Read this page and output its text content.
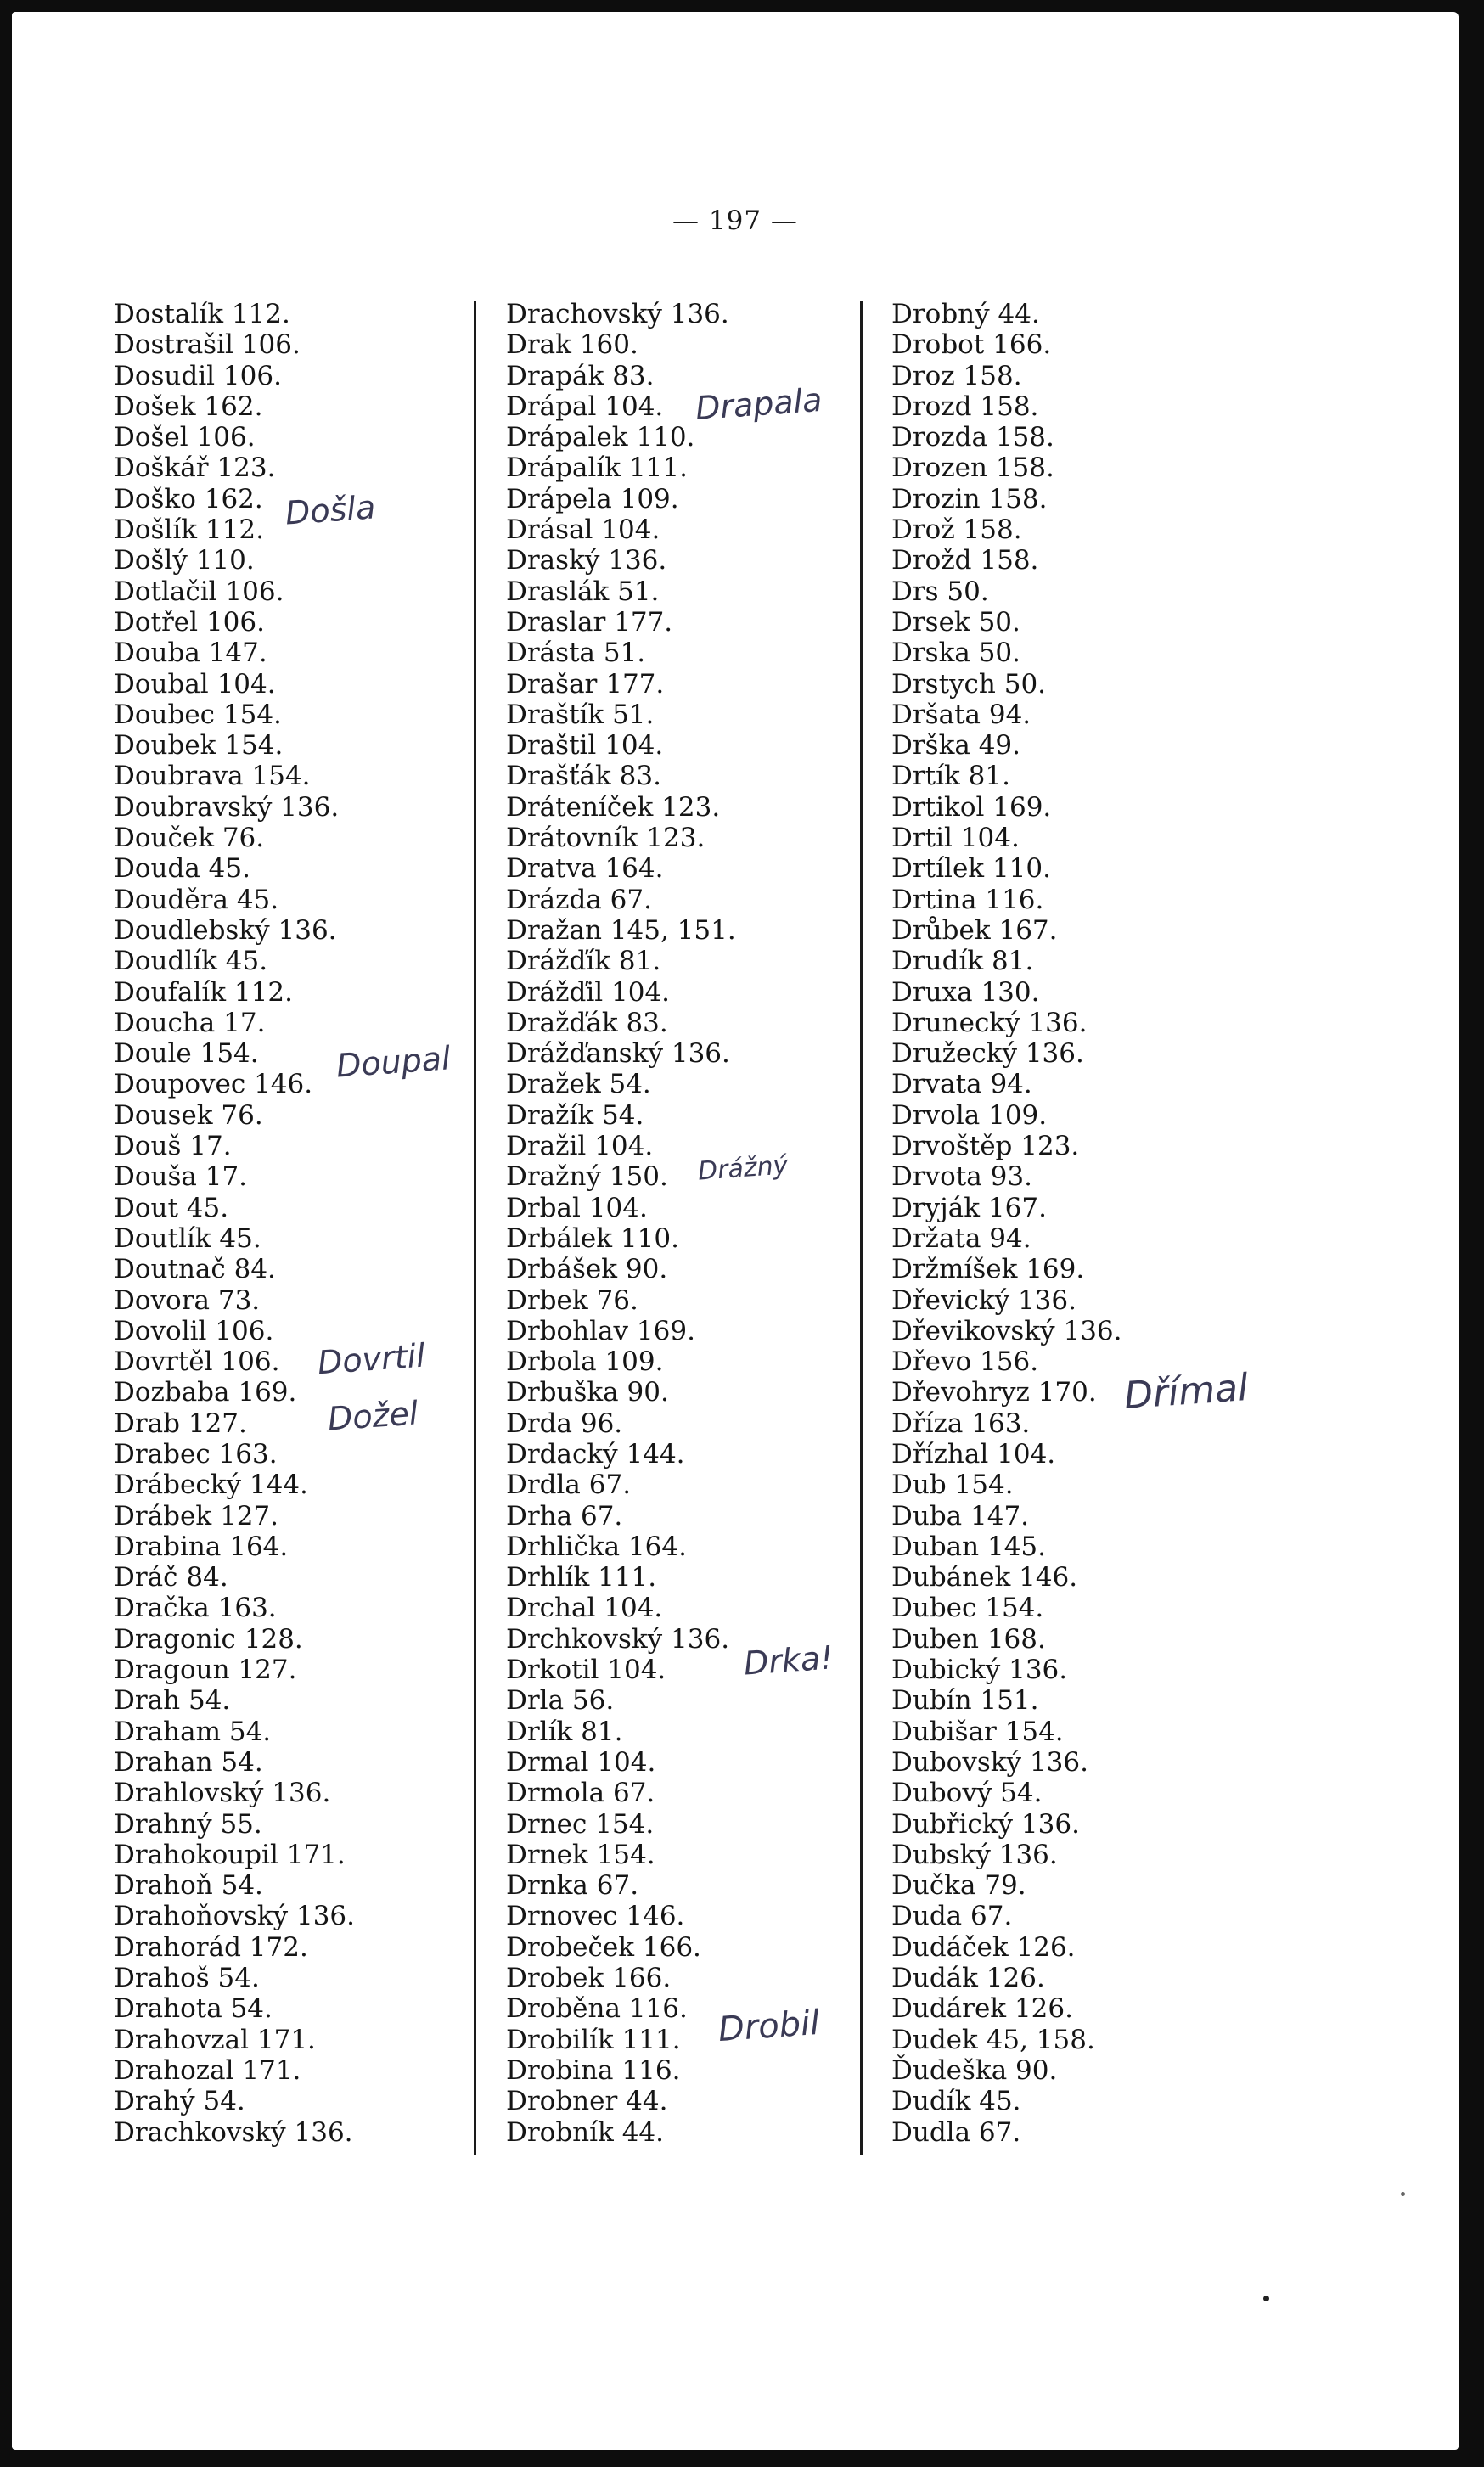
— 197 —
Dostalík 112.
Dostrašil 106.
Dosudil 106.
Došek 162.
Došel 106.
Doškář 123.
Doško 162.
Došlík 112.
Došlý 110.
Dotlačil 106.
Dotřel 106.
Douba 147.
Doubal 104.
Doubec 154.
Doubek 154.
Doubrava 154.
Doubravský 136.
Douček 76.
Douda 45.
Douděra 45.
Doudlebský 136.
Doudlík 45.
Doufalík 112.
Doucha 17.
Doule 154.
Doupovec 146.
Dousek 76.
Douš 17.
Douša 17.
Dout 45.
Doutlík 45.
Doutnač 84.
Dovora 73.
Dovolil 106.
Dovrtěl 106.
Dozbaba 169.
Drab 127.
Drabec 163.
Drábecký 144.
Drábek 127.
Drabina 164.
Dráč 84.
Dračka 163.
Dragonic 128.
Dragoun 127.
Drah 54.
Draham 54.
Drahan 54.
Drahlovský 136.
Drahný 55.
Drahokoupil 171.
Drahoň 54.
Drahoňovský 136.
Drahorád 172.
Drahoš 54.
Drahota 54.
Drahovzal 171.
Drahozal 171.
Drahý 54.
Drachkovský 136.
Drachovský 136.
Drak 160.
Drapák 83.
Drápal 104.
Drápalek 110.
Drápalík 111.
Drápela 109.
Drásal 104.
Draský 136.
Draslák 51.
Draslar 177.
Drásta 51.
Drašar 177.
Draštík 51.
Draštil 104.
Drašťák 83.
Dráteníček 123.
Drátovník 123.
Dratva 164.
Drázda 67.
Dražan 145, 151.
Drážďík 81.
Drážďil 104.
Dražďák 83.
Drážďanský 136.
Dražek 54.
Dražík 54.
Dražil 104.
Dražný 150.
Drbal 104.
Drbálek 110.
Drbášek 90.
Drbek 76.
Drbohlav 169.
Drbola 109.
Drbuška 90.
Drda 96.
Drdacký 144.
Drdla 67.
Drha 67.
Drhlička 164.
Drhlík 111.
Drchal 104.
Drchkovský 136.
Drkotil 104.
Drla 56.
Drlík 81.
Drmal 104.
Drmola 67.
Drnec 154.
Drnek 154.
Drnka 67.
Drnovec 146.
Drobeček 166.
Drobek 166.
Droběna 116.
Drobilík 111.
Drobina 116.
Drobner 44.
Drobník 44.
Drobný 44.
Drobot 166.
Droz 158.
Drozd 158.
Drozda 158.
Drozen 158.
Drozin 158.
Drož 158.
Drožd 158.
Drs 50.
Drsek 50.
Drska 50.
Drstych 50.
Dršata 94.
Drška 49.
Drtík 81.
Drtikol 169.
Drtil 104.
Drtílek 110.
Drtina 116.
Drůbek 167.
Drudík 81.
Druxa 130.
Drunecký 136.
Družecký 136.
Drvata 94.
Drvola 109.
Drvoštěp 123.
Drvota 93.
Dryják 167.
Držata 94.
Držmíšek 169.
Dřevický 136.
Dřevikovský 136.
Dřevo 156.
Dřevohryz 170.
Dříza 163.
Dřízhal 104.
Dub 154.
Duba 147.
Duban 145.
Dubánek 146.
Dubec 154.
Duben 168.
Dubický 136.
Dubín 151.
Dubišar 154.
Dubovský 136.
Dubový 54.
Dubřický 136.
Dubský 136.
Dučka 79.
Duda 67.
Dudáček 126.
Dudák 126.
Dudárek 126.
Dudek 45, 158.
Ďudeška 90.
Dudík 45.
Dudla 67.
Došla
Drapala
Doupal
Drážný
Dovrtil
Dožel	Dřímal
Drka!
Drobil
